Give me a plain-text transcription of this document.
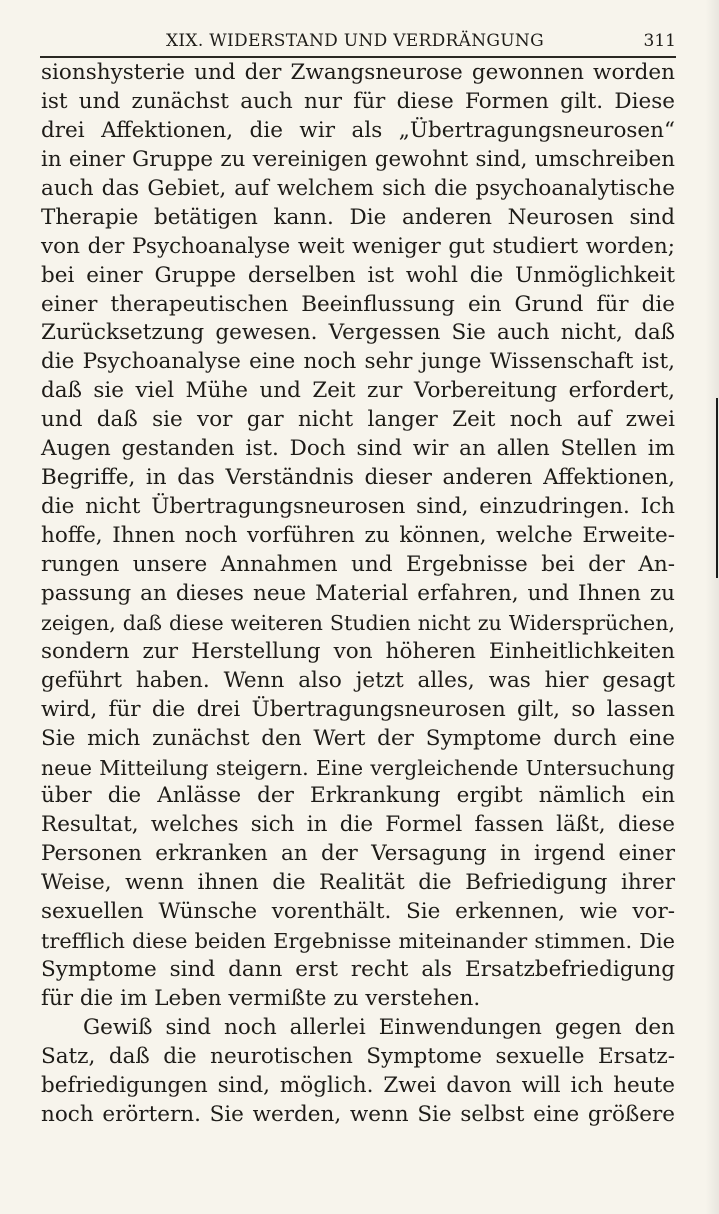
XIX. WIDERSTAND UND VERDRÄNGUNG	311
sionshysterie und der Zwangsneurose gewonnen worden
ist und zunächst auch nur für diese Formen gilt. Diese
drei Affektionen, die wir als „Übertragungsneurosen“
in einer Gruppe zu vereinigen gewohnt sind, umschreiben
auch das Gebiet, auf welchem sich die psychoanalytische
Therapie betätigen kann. Die anderen Neurosen sind
von der Psychoanalyse weit weniger gut studiert worden;
bei einer Gruppe derselben ist wohl die Unmöglichkeit
einer therapeutischen Beeinflussung ein Grund für die
Zurücksetzung gewesen. Vergessen Sie auch nicht, daß
die Psychoanalyse eine noch sehr junge Wissenschaft ist,
daß sie viel Mühe und Zeit zur Vorbereitung erfordert,
und daß sie vor gar nicht langer Zeit noch auf zwei
Augen gestanden ist. Doch sind wir an allen Stellen im
Begriffe, in das Verständnis dieser anderen Affektionen,
die nicht Übertragungsneurosen sind, einzudringen. Ich
hoffe, Ihnen noch vorführen zu können, welche Erweite-
rungen unsere Annahmen und Ergebnisse bei der An-
passung an dieses neue Material erfahren, und Ihnen zu
zeigen, daß diese weiteren Studien nicht zu Widersprüchen,
sondern zur Herstellung von höheren Einheitlichkeiten
geführt haben. Wenn also jetzt alles, was hier gesagt
wird, für die drei Übertragungsneurosen gilt, so lassen
Sie mich zunächst den Wert der Symptome durch eine
neue Mitteilung steigern. Eine vergleichende Untersuchung
über die Anlässe der Erkrankung ergibt nämlich ein
Resultat, welches sich in die Formel fassen läßt, diese
Personen erkranken an der Versagung in irgend einer
Weise, wenn ihnen die Realität die Befriedigung ihrer
sexuellen Wünsche vorenthält. Sie erkennen, wie vor-
trefflich diese beiden Ergebnisse miteinander stimmen. Die
Symptome sind dann erst recht als Ersatzbefriedigung
für die im Leben vermißte zu verstehen.
Gewiß sind noch allerlei Einwendungen gegen den
Satz, daß die neurotischen Symptome sexuelle Ersatz-
befriedigungen sind, möglich. Zwei davon will ich heute
noch erörtern. Sie werden, wenn Sie selbst eine größere
